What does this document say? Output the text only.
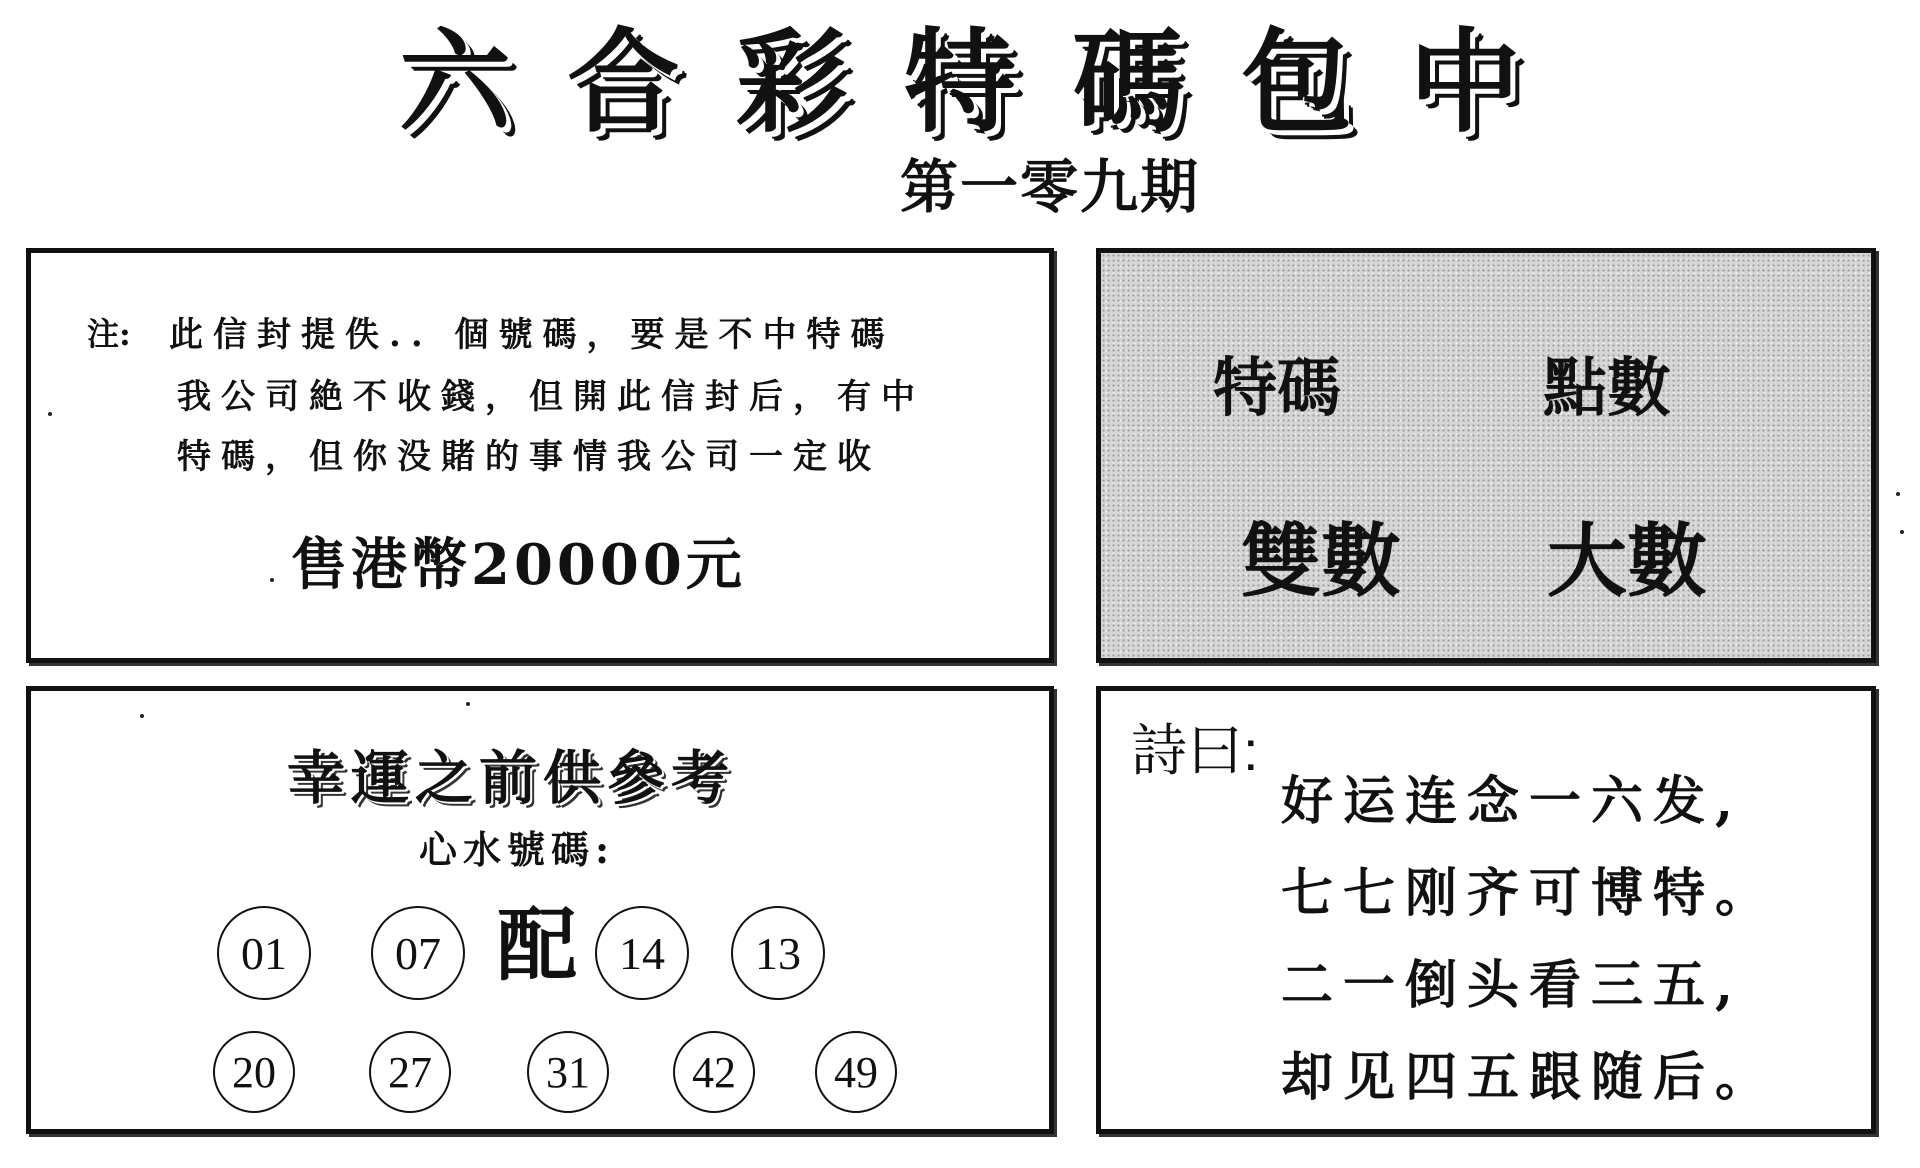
六 合 彩 特 碼 包 中
第一零九期
注: 此信封提佚.. 個號碼，要是不中特碼
我公司絶不收錢，但開此信封后，有中
特碼，但你没賭的事情我公司一定收
售港幣20000元
特碼	點數
雙數 大數
幸運之前供參考
心水號碼:
配
01	07	14	13
20	27	31	42	49
詩曰:
好运连念一六发,
七七刚齐可博特。
二一倒头看三五,
却见四五跟随后。
